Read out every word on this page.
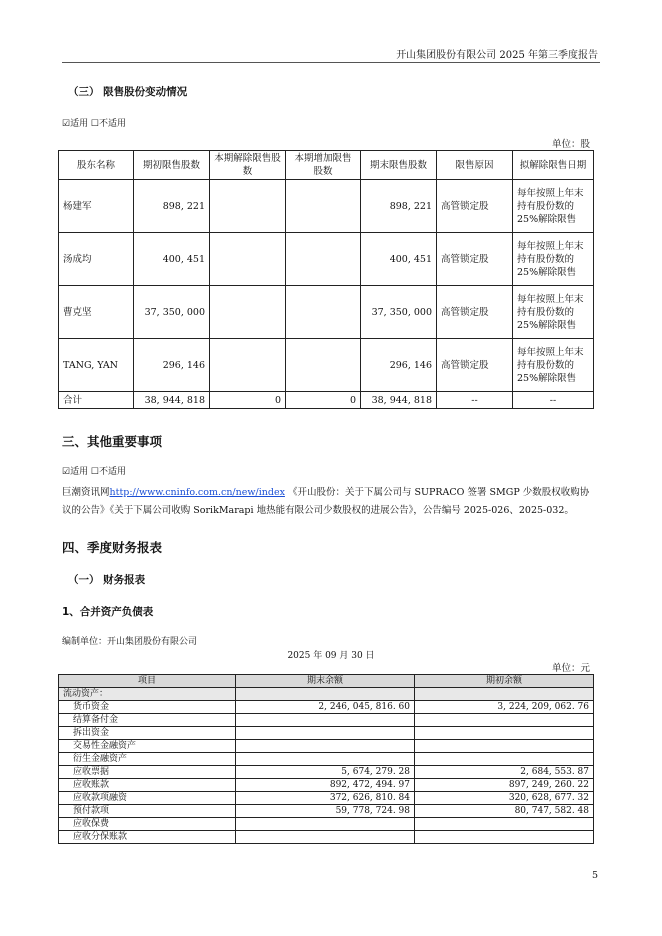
开山集团股份有限公司 2025 年第三季度报告
（三） 限售股份变动情况
☑适用 ☐不适用
单位：股
股东名称	期初限售股数	本期解除限售股数	本期增加限售股数	期末限售股数	限售原因	拟解除限售日期
杨建军	898, 221			898, 221	高管锁定股	每年按照上年末持有股份数的 25%解除限售
汤成均	400, 451			400, 451	高管锁定股	每年按照上年末持有股份数的 25%解除限售
曹克坚	37, 350, 000			37, 350, 000	高管锁定股	每年按照上年末持有股份数的 25%解除限售
TANG, YAN	296, 146			296, 146	高管锁定股	每年按照上年末持有股份数的 25%解除限售
合计	38, 944, 818	0	0	38, 944, 818	--	--
三、其他重要事项
☑适用 ☐不适用
巨潮资讯网http://www.cninfo.com.cn/new/index 《开山股份：关于下属公司与 SUPRACO 签署 SMGP 少数股权收购协
议的公告》《关于下属公司收购 SorikMarapi 地热能有限公司少数股权的进展公告》，公告编号 2025-026、2025-032。
四、季度财务报表
（一） 财务报表
1、合并资产负债表
编制单位：开山集团股份有限公司
2025 年 09 月 30 日
单位：元
项目	期末余额	期初余额
流动资产：		
货币资金	2, 246, 045, 816. 60	3, 224, 209, 062. 76
结算备付金		
拆出资金		
交易性金融资产		
衍生金融资产		
应收票据	5, 674, 279. 28	2, 684, 553. 87
应收账款	892, 472, 494. 97	897, 249, 260. 22
应收款项融资	372, 626, 810. 84	320, 628, 677. 32
预付款项	59, 778, 724. 98	80, 747, 582. 48
应收保费		
应收分保账款		
5
